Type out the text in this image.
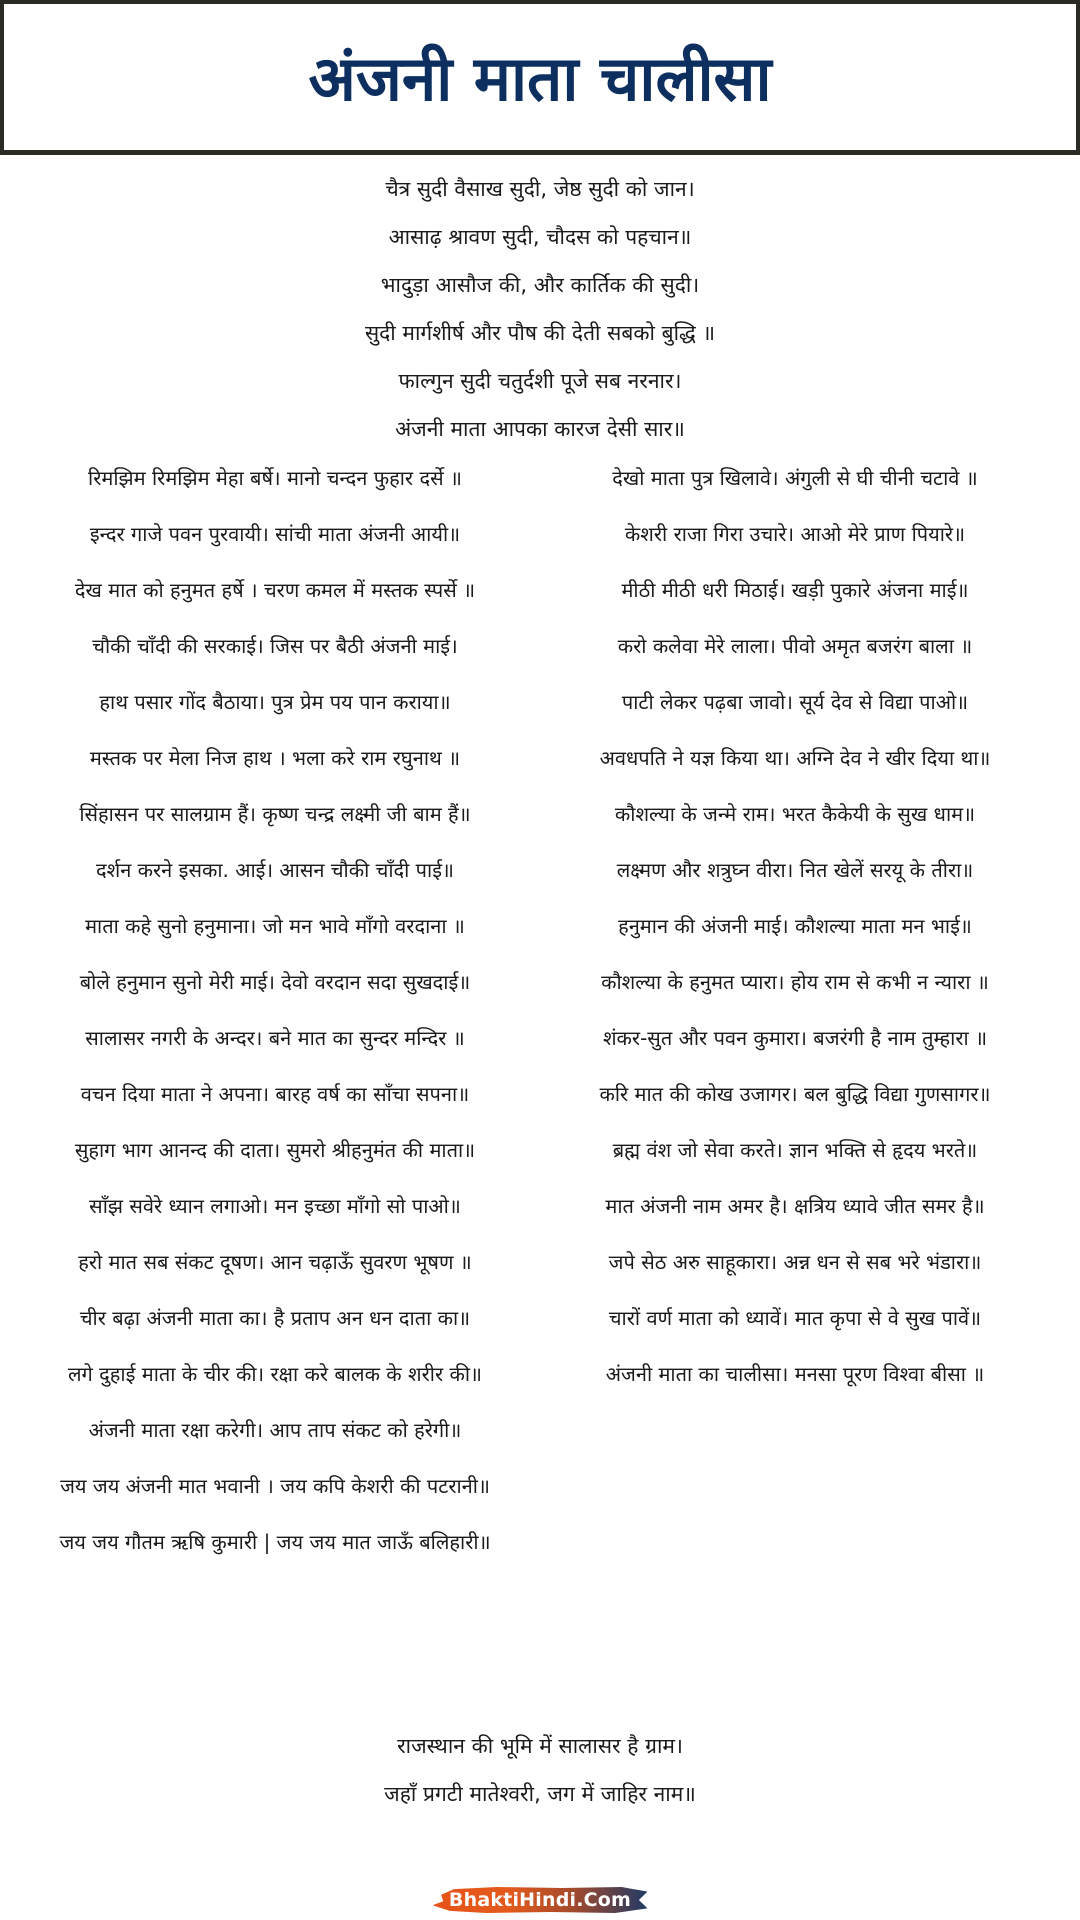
अंजनी माता चालीसा
चैत्र सुदी वैसाख सुदी, जेष्ठ सुदी को जान।
आसाढ़ श्रावण सुदी, चौदस को पहचान॥
भादुड़ा आसौज की, और कार्तिक की सुदी।
सुदी मार्गशीर्ष और पौष की देती सबको बुद्धि ॥
फाल्गुन सुदी चतुर्दशी पूजे सब नरनार।
अंजनी माता आपका कारज देसी सार॥
रिमझिम रिमझिम मेहा बर्षे। मानो चन्दन फुहार दर्से ॥
इन्दर गाजे पवन पुरवायी। सांची माता अंजनी आयी॥
देख मात को हनुमत हर्षे । चरण कमल में मस्तक स्पर्से ॥
चौकी चाँदी की सरकाई। जिस पर बैठी अंजनी माई।
हाथ पसार गोंद बैठाया। पुत्र प्रेम पय पान कराया॥
मस्तक पर मेला निज हाथ । भला करे राम रघुनाथ ॥
सिंहासन पर सालग्राम हैं। कृष्ण चन्द्र लक्ष्मी जी बाम हैं॥
दर्शन करने इसका. आई। आसन चौकी चाँदी पाई॥
माता कहे सुनो हनुमाना। जो मन भावे माँगो वरदाना ॥
बोले हनुमान सुनो मेरी माई। देवो वरदान सदा सुखदाई॥
सालासर नगरी के अन्दर। बने मात का सुन्दर मन्दिर ॥
वचन दिया माता ने अपना। बारह वर्ष का साँचा सपना॥
सुहाग भाग आनन्द की दाता। सुमरो श्रीहनुमंत की माता॥
साँझ सवेरे ध्यान लगाओ। मन इच्छा माँगो सो पाओ॥
हरो मात सब संकट दूषण। आन चढ़ाऊँ सुवरण भूषण ॥
चीर बढ़ा अंजनी माता का। है प्रताप अन धन दाता का॥
लगे दुहाई माता के चीर की। रक्षा करे बालक के शरीर की॥
अंजनी माता रक्षा करेगी। आप ताप संकट को हरेगी॥
जय जय अंजनी मात भवानी । जय कपि केशरी की पटरानी॥
जय जय गौतम ऋषि कुमारी | जय जय मात जाऊँ बलिहारी॥
देखो माता पुत्र खिलावे। अंगुली से घी चीनी चटावे ॥
केशरी राजा गिरा उचारे। आओ मेरे प्राण पियारे॥
मीठी मीठी धरी मिठाई। खड़ी पुकारे अंजना माई॥
करो कलेवा मेरे लाला। पीवो अमृत बजरंग बाला ॥
पाटी लेकर पढ़बा जावो। सूर्य देव से विद्या पाओ॥
अवधपति ने यज्ञ किया था। अग्नि देव ने खीर दिया था॥
कौशल्या के जन्मे राम। भरत कैकेयी के सुख धाम॥
लक्ष्मण और शत्रुघ्न वीरा। नित खेलें सरयू के तीरा॥
हनुमान की अंजनी माई। कौशल्या माता मन भाई॥
कौशल्या के हनुमत प्यारा। होय राम से कभी न न्यारा ॥
शंकर-सुत और पवन कुमारा। बजरंगी है नाम तुम्हारा ॥
करि मात की कोख उजागर। बल बुद्धि विद्या गुणसागर॥
ब्रह्म वंश जो सेवा करते। ज्ञान भक्ति से हृदय भरते॥
मात अंजनी नाम अमर है। क्षत्रिय ध्यावे जीत समर है॥
जपे सेठ अरु साहूकारा। अन्न धन से सब भरे भंडारा॥
चारों वर्ण माता को ध्यावें। मात कृपा से वे सुख पावें॥
अंजनी माता का चालीसा। मनसा पूरण विश्वा बीसा ॥
राजस्थान की भूमि में सालासर है ग्राम।
जहाँ प्रगटी मातेश्वरी, जग में जाहिर नाम॥
BhaktiHindi.Com
